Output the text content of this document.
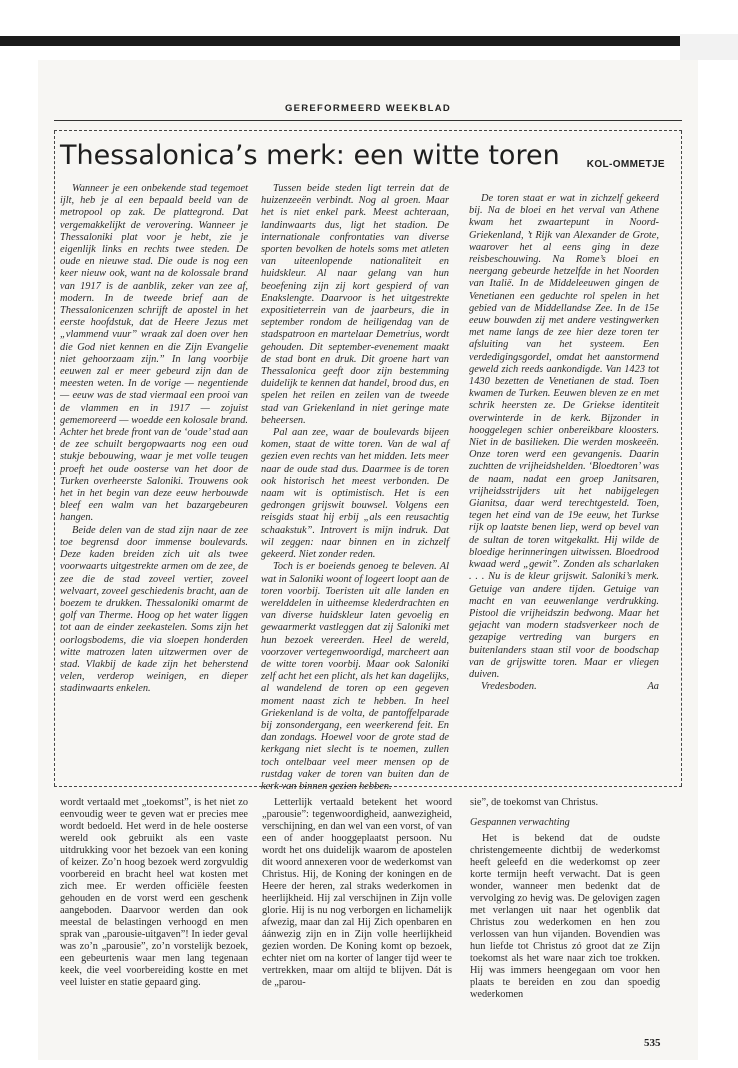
GEREFORMEERD WEEKBLAD
Thessalonica’s merk: een witte toren	KOL-OMMETJE

Wanneer je een onbekende stad tegemoet ijlt, heb je al een bepaald beeld van de metropool op zak. De plattegrond. Dat vergemakkelijkt de verovering. Wanneer je Thessaloniki plat voor je hebt, zie je eigenlijk links en rechts twee steden. De oude en nieuwe stad. Die oude is nog een keer nieuw ook, want na de kolossale brand van 1917 is de aanblik, zeker van zee af, modern. In de tweede brief aan de Thessalonicenzen schrijft de apostel in het eerste hoofdstuk, dat de Heere Jezus met „vlammend vuur” wraak zal doen over hen die God niet kennen en die Zijn Evangelie niet gehoorzaam zijn.” In lang voorbije eeuwen zal er meer gebeurd zijn dan de meesten weten. In de vorige — negentiende — eeuw was de stad viermaal een prooi van de vlammen en in 1917 — zojuist gememoreerd — woedde een kolosale brand. Achter het brede front van de ‘oude’ stad aan de zee schuilt bergopwaarts nog een oud stukje bebouwing, waar je met volle teugen proeft het oude oosterse van het door de Turken overheerste Saloniki. Trouwens ook het in het begin van deze eeuw herbouwde bleef een walm van het bazargebeuren hangen.

Beide delen van de stad zijn naar de zee toe begrensd door immense boulevards. Deze kaden breiden zich uit als twee voorwaarts uitgestrekte armen om de zee, de zee die de stad zoveel vertier, zoveel welvaart, zoveel geschiedenis bracht, aan de boezem te drukken. Thessaloniki omarmt de golf van Therme. Hoog op het water liggen tot aan de einder zeekastelen. Soms zijn het oorlogsbodems, die via sloepen honderden witte matrozen laten uitzwermen over de stad. Vlakbij de kade zijn het beherstend velen, verderop weinigen, en dieper stadinwaarts enkelen.

Tussen beide steden ligt terrein dat de huizenzeeën verbindt. Nog al groen. Maar het is niet enkel park. Meest achteraan, landinwaarts dus, ligt het stadion. De internationale confrontaties van diverse sporten bevolken de hotels soms met atleten van uiteenlopende nationaliteit en huidskleur. Al naar gelang van hun beoefening zijn zij kort gespierd of van Enakslengte. Daarvoor is het uitgestrekte expositieterrein van de jaarbeurs, die in september rondom de heiligendag van de stadspatroon en martelaar Demetrius, wordt gehouden. Dit september-evenement maakt de stad bont en druk. Dit groene hart van Thessalonica geeft door zijn bestemming duidelijk te kennen dat handel, brood dus, en spelen het reilen en zeilen van de tweede stad van Griekenland in niet geringe mate beheersen.

Pal aan zee, waar de boulevards bijeen komen, staat de witte toren. Van de wal af gezien even rechts van het midden. Iets meer naar de oude stad dus. Daarmee is de toren ook historisch het meest verbonden. De naam wit is optimistisch. Het is een gedrongen grijswit bouwsel. Volgens een reisgids staat hij erbij „als een reusachtig schaakstuk”. Introvert is mijn indruk. Dat wil zeggen: naar binnen en in zichzelf gekeerd. Niet zonder reden.

Toch is er boeiends genoeg te beleven. Al wat in Saloniki woont of logeert loopt aan de toren voorbij. Toeristen uit alle landen en werelddelen in uitheemse klederdrachten en van diverse huidskleur laten gevoelig en gewaarmerkt vastleggen dat zij Saloniki met hun bezoek vereerden. Heel de wereld, voorzover vertegenwoordigd, marcheert aan de witte toren voorbij. Maar ook Saloniki zelf acht het een plicht, als het kan dagelijks, al wandelend de toren op een gegeven moment naast zich te hebben. In heel Griekenland is de volta, de pantoffelparade bij zonsondergang, een weerkerend feit. En dan zondags. Hoewel voor de grote stad de kerkgang niet slecht is te noemen, zullen toch ontelbaar veel meer mensen op de rustdag vaker de toren van buiten dan de kerk van binnen gezien hebben.

De toren staat er wat in zichzelf gekeerd bij. Na de bloei en het verval van Athene kwam het zwaartepunt in Noord-Griekenland, ’t Rijk van Alexander de Grote, waarover het al eens ging in deze reisbeschouwing. Na Rome’s bloei en neergang gebeurde hetzelfde in het Noorden van Italië. In de Middeleeuwen gingen de Venetianen een geduchte rol spelen in het gebied van de Middellandse Zee. In de 15e eeuw bouwden zij met andere vestingwerken met name langs de zee hier deze toren ter afsluiting van het systeem. Een verdedigingsgordel, omdat het aanstormend geweld zich reeds aankondigde. Van 1423 tot 1430 bezetten de Venetianen de stad. Toen kwamen de Turken. Eeuwen bleven ze en met schrik heersten ze. De Griekse identiteit overwinterde in de kerk. Bijzonder in hooggelegen schier onbereikbare kloosters. Niet in de basilieken. Die werden moskeeën. Onze toren werd een gevangenis. Daarin zuchtten de vrijheidshelden. ‘Bloedtoren’ was de naam, nadat een groep Janitsaren, vrijheidsstrijders uit het nabijgelegen Gianitsa, daar werd terechtgesteld. Toen, tegen het eind van de 19e eeuw, het Turkse rijk op laatste benen liep, werd op bevel van de sultan de toren witgekalkt. Hij wilde de bloedige herinneringen uitwissen. Bloedrood kwaad werd „gewit”. Zonden als scharlaken . . . Nu is de kleur grijswit. Saloniki’s merk. Getuige van andere tijden. Getuige van macht en van eeuwenlange verdrukking. Pistool die vrijheidszin bedwong. Maar het gejacht van modern stadsverkeer noch de gezapige vertreding van burgers en buitenlanders staan stil voor de boodschap van de grijswitte toren. Maar er vliegen duiven.

Vredesboden.	Aa

wordt vertaald met „toekomst”, is het niet zo eenvoudig weer te geven wat er precies mee wordt bedoeld. Het werd in de hele oosterse wereld ook gebruikt als een vaste uitdrukking voor het bezoek van een koning of keizer. Zo’n hoog bezoek werd zorgvuldig voorbereid en bracht heel wat kosten met zich mee. Er werden officiële feesten gehouden en de vorst werd een geschenk aangeboden. Daarvoor werden dan ook meestal de belastingen verhoogd en men sprak van „parousie-uitgaven”! In ieder geval was zo’n „parousie”, zo’n vorstelijk bezoek, een gebeurtenis waar men lang tegenaan keek, die veel voorbereiding kostte en met veel luister en statie gepaard ging.

Letterlijk vertaald betekent het woord „parousie”: tegenwoordigheid, aanwezigheid, verschijning, en dan wel van een vorst, of van een of ander hooggeplaatst persoon. Nu wordt het ons duidelijk waarom de apostelen dit woord annexeren voor de wederkomst van Christus. Hij, de Koning der koningen en de Heere der heren, zal straks wederkomen in heerlijkheid. Hij zal verschijnen in Zijn volle glorie. Hij is nu nog verborgen en lichamelijk afwezig, maar dan zal Hij Zich openbaren en áánwezig zijn en in Zijn volle heerlijkheid gezien worden. De Koning komt op bezoek, echter niet om na korter of langer tijd weer te vertrekken, maar om altijd te blijven. Dát is de „parou-

sie”, de toekomst van Christus.

Gespannen verwachting

Het is bekend dat de oudste christengemeente dichtbij de wederkomst heeft geleefd en die wederkomst op zeer korte termijn heeft verwacht. Dat is geen wonder, wanneer men bedenkt dat de vervolging zo hevig was. De gelovigen zagen met verlangen uit naar het ogenblik dat Christus zou wederkomen en hen zou verlossen van hun vijanden. Bovendien was hun liefde tot Christus zó groot dat ze Zijn toekomst als het ware naar zich toe trokken. Hij was immers heengegaan om voor hen plaats te bereiden en zou dan spoedig wederkomen

535
